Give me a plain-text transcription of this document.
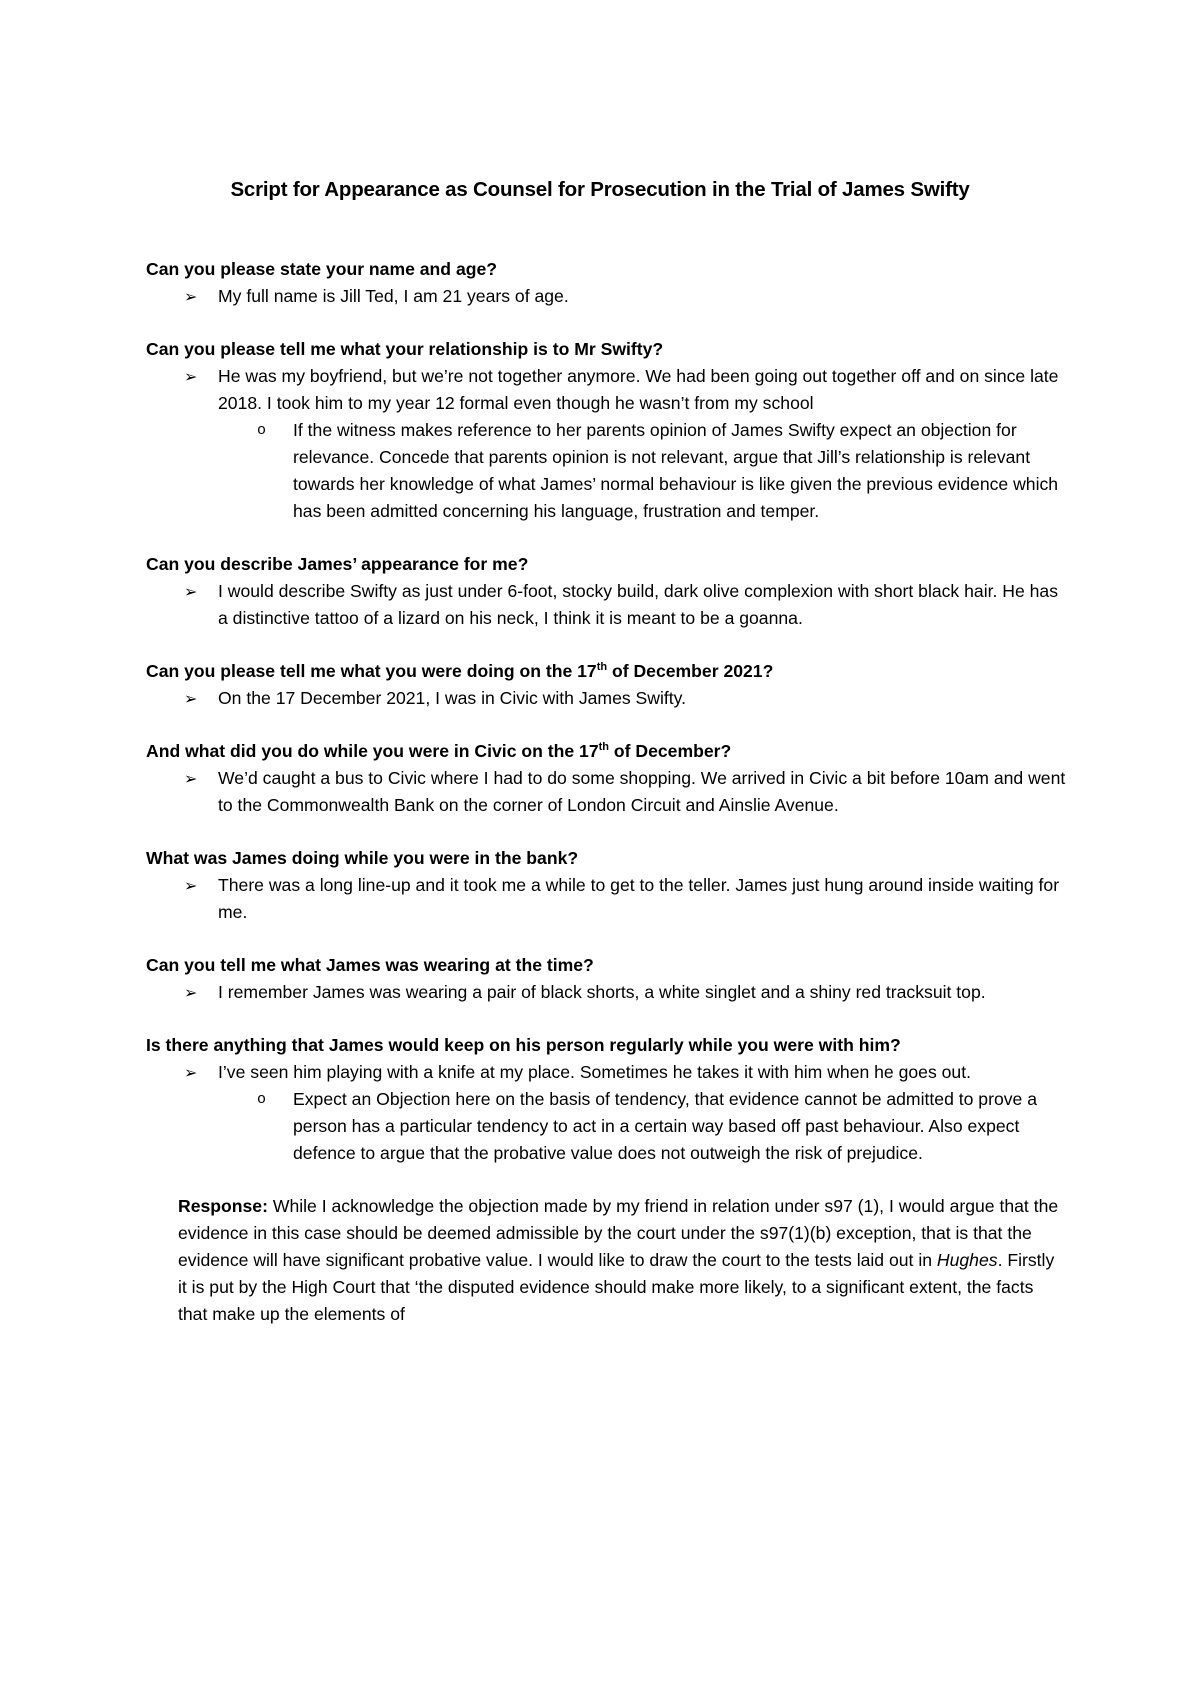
Script for Appearance as Counsel for Prosecution in the Trial of James Swifty

Can you please state your name and age?

➢ My full name is Jill Ted, I am 21 years of age.

Can you please tell me what your relationship is to Mr Swifty?

➢ He was my boyfriend, but we’re not together anymore. We had been going out together off and on since late 2018. I took him to my year 12 formal even though he wasn’t from my school
o If the witness makes reference to her parents opinion of James Swifty expect an objection for relevance. Concede that parents opinion is not relevant, argue that Jill’s relationship is relevant towards her knowledge of what James’ normal behaviour is like given the previous evidence which has been admitted concerning his language, frustration and temper.

Can you describe James’ appearance for me?

➢ I would describe Swifty as just under 6-foot, stocky build, dark olive complexion with short black hair. He has a distinctive tattoo of a lizard on his neck, I think it is meant to be a goanna.

Can you please tell me what you were doing on the 17th of December 2021?

➢ On the 17 December 2021, I was in Civic with James Swifty.

And what did you do while you were in Civic on the 17th of December?

➢ We’d caught a bus to Civic where I had to do some shopping. We arrived in Civic a bit before 10am and went to the Commonwealth Bank on the corner of London Circuit and Ainslie Avenue.

What was James doing while you were in the bank?

➢ There was a long line-up and it took me a while to get to the teller. James just hung around inside waiting for me.

Can you tell me what James was wearing at the time?

➢ I remember James was wearing a pair of black shorts, a white singlet and a shiny red tracksuit top.

Is there anything that James would keep on his person regularly while you were with him?

➢ I’ve seen him playing with a knife at my place. Sometimes he takes it with him when he goes out.
o Expect an Objection here on the basis of tendency, that evidence cannot be admitted to prove a person has a particular tendency to act in a certain way based off past behaviour. Also expect defence to argue that the probative value does not outweigh the risk of prejudice.

Response: While I acknowledge the objection made by my friend in relation under s97 (1), I would argue that the evidence in this case should be deemed admissible by the court under the s97(1)(b) exception, that is that the evidence will have significant probative value. I would like to draw the court to the tests laid out in Hughes. Firstly it is put by the High Court that ‘the disputed evidence should make more likely, to a significant extent, the facts that make up the elements of
